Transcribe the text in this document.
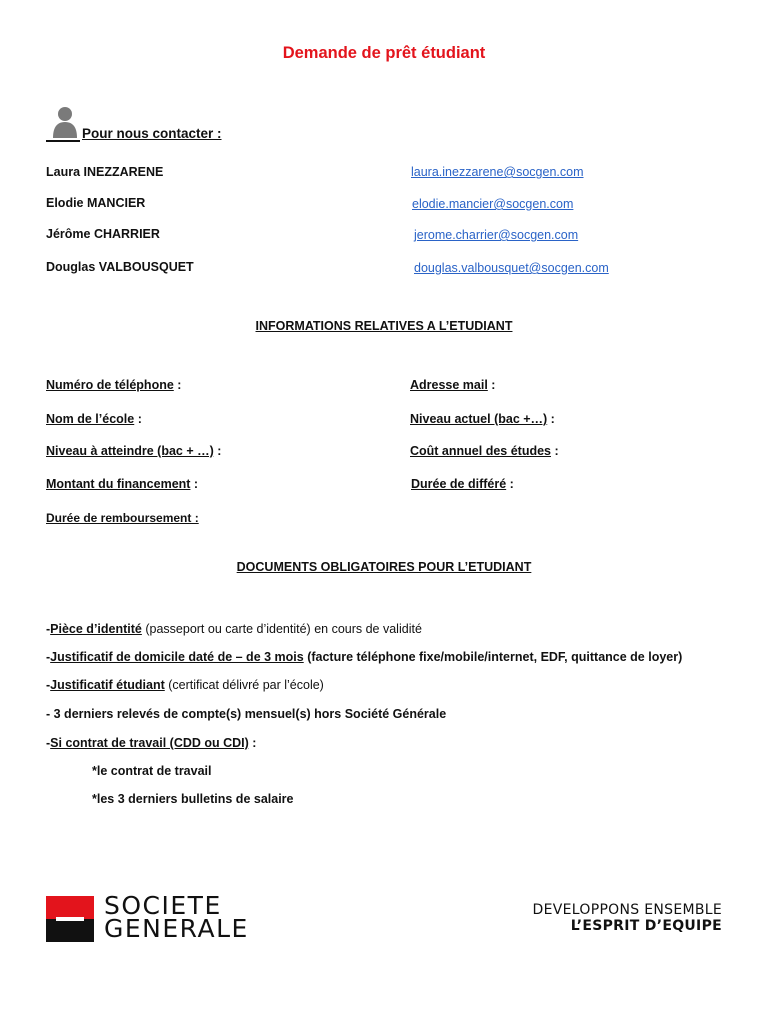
Demande de prêt étudiant
Pour nous contacter :
Laura INEZZARENE	laura.inezzarene@socgen.com
Elodie MANCIER	elodie.mancier@socgen.com
Jérôme CHARRIER	jerome.charrier@socgen.com
Douglas VALBOUSQUET	douglas.valbousquet@socgen.com
INFORMATIONS RELATIVES A L’ETUDIANT
Numéro de téléphone :	Adresse mail :
Nom de l’école :	Niveau actuel (bac +…) :
Niveau à atteindre (bac + …) :	Coût annuel des études :
Montant du financement :	Durée de différé :
Durée de remboursement :
DOCUMENTS OBLIGATOIRES POUR L’ETUDIANT
-Pièce d’identité (passeport ou carte d’identité) en cours de validité
-Justificatif de domicile daté de – de 3 mois (facture téléphone fixe/mobile/internet, EDF, quittance de loyer)
-Justificatif étudiant (certificat délivré par l’école)
- 3 derniers relevés de compte(s) mensuel(s) hors Société Générale
-Si contrat de travail (CDD ou CDI) :
*le contrat de travail
*les 3 derniers bulletins de salaire
SOCIETE
GENERALE
DEVELOPPONS ENSEMBLE
L’ESPRIT D’EQUIPE
